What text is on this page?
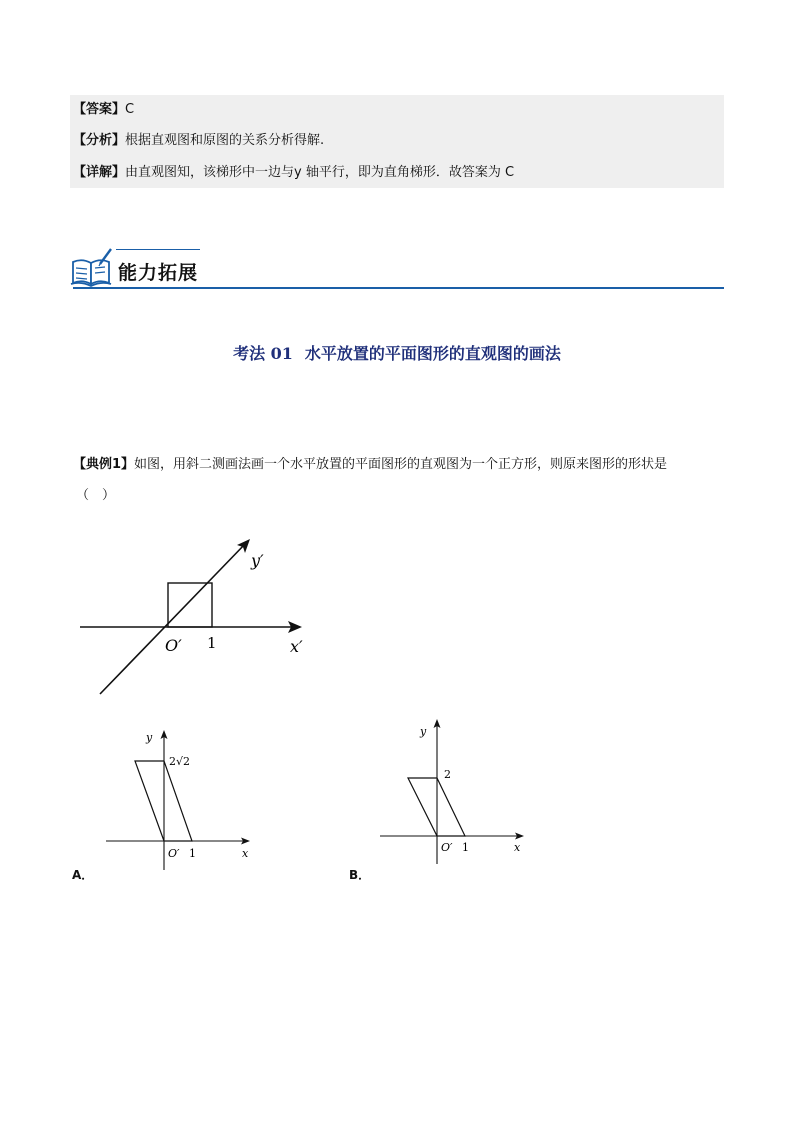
【答案】C
【分析】根据直观图和原图的关系分析得解.
【详解】由直观图知，该梯形中一边与y 轴平行，即为直角梯形．故答案为 C
能力拓展
考法 01 水平放置的平面图形的直观图的画法
【典例1】如图，用斜二测画法画一个水平放置的平面图形的直观图为一个正方形，则原来图形的形状是
（　）
y′
O′ 1	x′
y
2√2
O′ 1	x
A．
y
2
O′ 1	x
B．
